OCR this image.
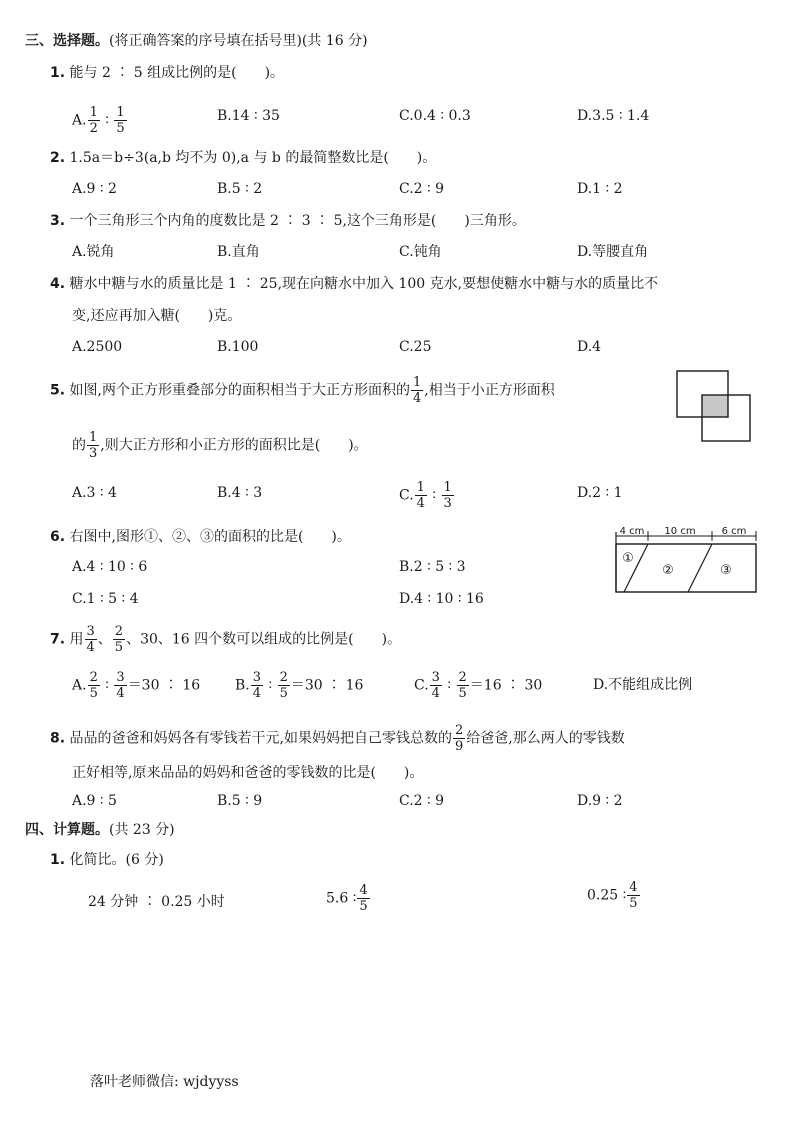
三、选择题。(将正确答案的序号填在括号里)(共 16 分)
1. 能与 2 ∶ 5 组成比例的是(　　)。
A. $\frac{1}{2}$ ∶ $\frac{1}{5}$	B.14 ∶ 35	C.0.4 ∶ 0.3	D.3.5 ∶ 1.4
2. 1.5a＝b÷3(a,b 均不为 0),a 与 b 的最简整数比是(　　)。
A.9 ∶ 2	B.5 ∶ 2	C.2 ∶ 9	D.1 ∶ 2
3. 一个三角形三个内角的度数比是 2 ∶ 3 ∶ 5,这个三角形是(　　)三角形。
A.锐角	B.直角	C.钝角	D.等腰直角
4. 糖水中糖与水的质量比是 1 ∶ 25,现在向糖水中加入 100 克水,要想使糖水中糖与水的质量比不
变,还应再加入糖(　　)克。
A.2500	B.100	C.25	D.4
5. 如图,两个正方形重叠部分的面积相当于大正方形面积的 $\frac{1}{4}$ ,相当于小正方形面积
的 $\frac{1}{3}$ ,则大正方形和小正方形的面积比是(　　)。
A.3 ∶ 4	B.4 ∶ 3	C. $\frac{1}{4}$ ∶ $\frac{1}{3}$	D.2 ∶ 1
6. 右图中,图形①、②、③的面积的比是(　　)。
A.4 ∶ 10 ∶ 6	B.2 ∶ 5 ∶ 3
C.1 ∶ 5 ∶ 4	D.4 ∶ 10 ∶ 16
4 cm 10 cm	6 cm
①
②	③
7. 用 $\frac{3}{4}$ 、 $\frac{2}{5}$ 、30、16 四个数可以组成的比例是(　　)。
A. $\frac{2}{5}$ ∶ $\frac{3}{4} =30$ ∶ 16 B. $\frac{3}{4}$ ∶ $\frac{2}{5} =30$ ∶ 16	C. $\frac{3}{4}$ ∶ $\frac{2}{5} =16$ ∶ 30	D.不能组成比例
8. 品品的爸爸和妈妈各有零钱若干元,如果妈妈把自己零钱总数的 $\frac{2}{9}$ 给爸爸,那么两人的零钱数
正好相等,原来品品的妈妈和爸爸的零钱数的比是(　　)。
A.9 ∶ 5	B.5 ∶ 9	C.2 ∶ 9	D.9 ∶ 2
四、计算题。(共 23 分)
1. 化简比。(6 分)
24 分钟 ∶ 0.25 小时	5.6 ∶ $\frac{4}{5}$	0.25 ∶ $\frac{4}{5}$
落叶老师微信: wjdyyss
